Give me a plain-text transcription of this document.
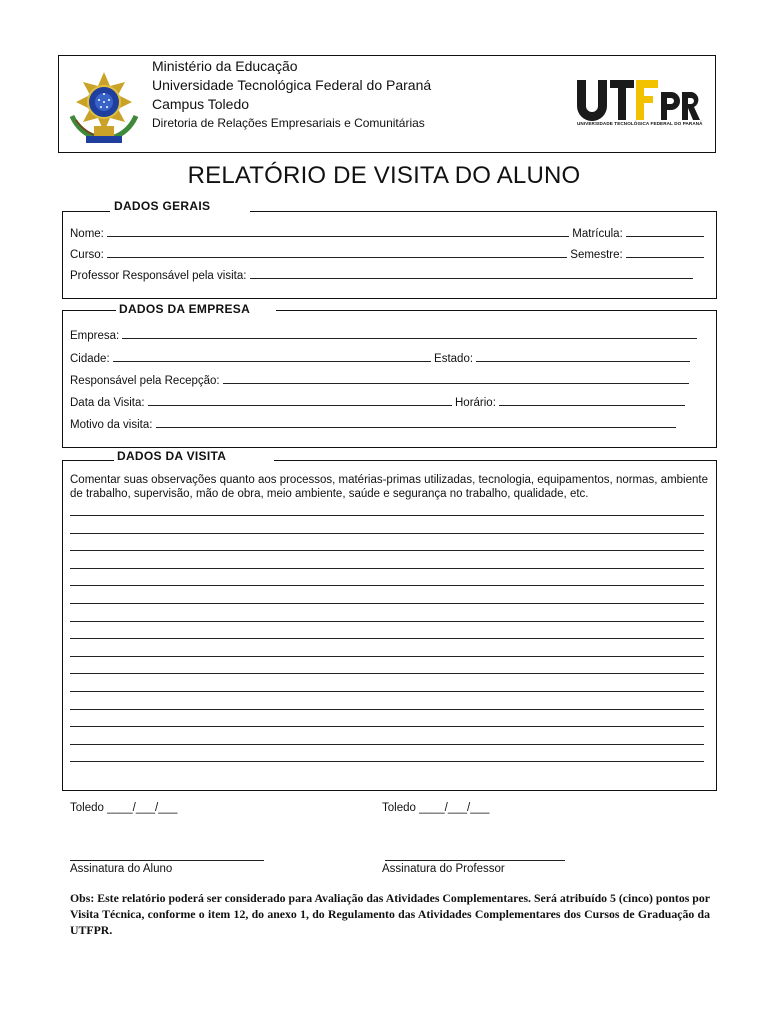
Ministério da Educação
Universidade Tecnológica Federal do Paraná
Campus Toledo
Diretoria de Relações Empresariais e Comunitárias	UNIVERSIDADE TECNOLÓGICA FEDERAL DO PARANÁ
RELATÓRIO DE VISITA DO ALUNO
DADOS GERAIS
Nome:	Matrícula:
Curso:	Semestre:
Professor Responsável pela visita:
DADOS DA EMPRESA
Empresa:
Cidade:	Estado:
Responsável pela Recepção:
Data da Visita:	Horário:
Motivo da visita:
DADOS DA VISITA
Comentar suas observações quanto aos processos, matérias-primas utilizadas, tecnologia, equipamentos, normas, ambiente de trabalho, supervisão, mão de obra, meio ambiente, saúde e segurança no trabalho, qualidade, etc.
Toledo ____/___/___	Toledo ____/___/___
Assinatura do Aluno	Assinatura do Professor
Obs: Este relatório poderá ser considerado para Avaliação das Atividades Complementares. Será atribuído 5 (cinco) pontos por Visita Técnica, conforme o item 12, do anexo 1, do Regulamento das Atividades Complementares dos Cursos de Graduação da UTFPR.
